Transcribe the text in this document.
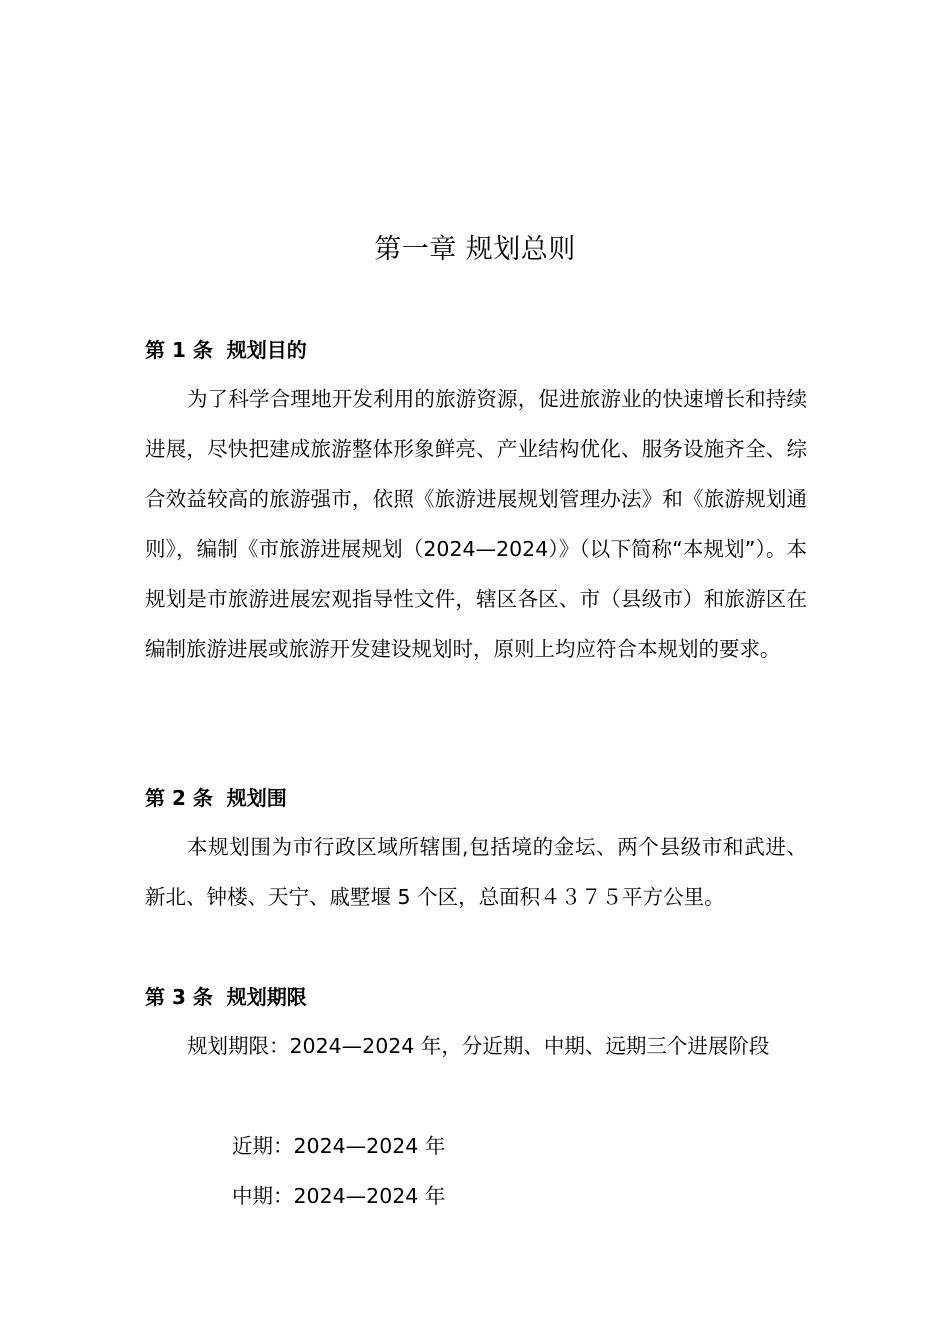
第一章 规划总则
第 1 条  规划目的
为了科学合理地开发利用的旅游资源，促进旅游业的快速增长和持续进展，尽快把建成旅游整体形象鲜亮、产业结构优化、服务设施齐全、综合效益较高的旅游强市，依照《旅游进展规划管理办法》和《旅游规划通则》，编制《市旅游进展规划（2024—2024）》（以下简称“本规划”）。本规划是市旅游进展宏观指导性文件，辖区各区、市（县级市）和旅游区在编制旅游进展或旅游开发建设规划时，原则上均应符合本规划的要求。
第 2 条  规划围
本规划围为市行政区域所辖围,包括境的金坛、两个县级市和武进、新北、钟楼、天宁、戚墅堰 5 个区，总面积４３７５平方公里。
第 3 条  规划期限
规划期限：2024—2024 年，分近期、中期、远期三个进展阶段
近期：2024—2024 年
中期：2024—2024 年
